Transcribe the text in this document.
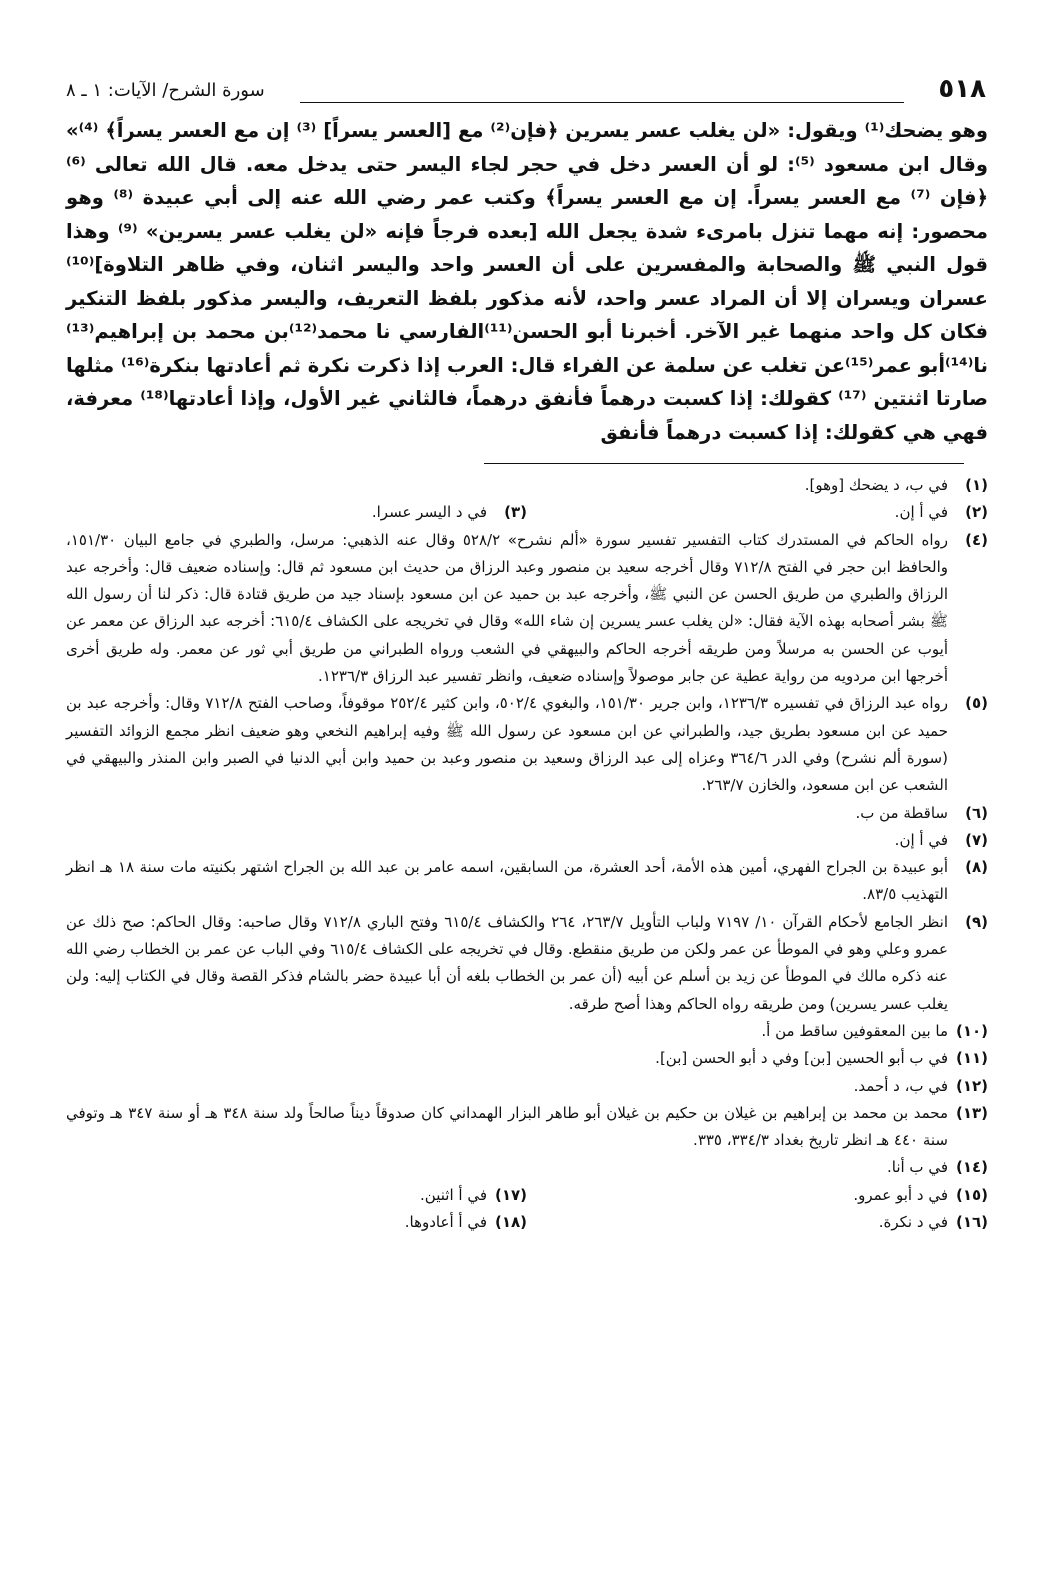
٥١٨
سورة الشرح/ الآيات: ١ ـ ٨

وهو يضحك⁽¹⁾ ويقول: «لن يغلب عسر يسرين ﴿فإن⁽²⁾ مع [العسر يسراً] ⁽³⁾ إن مع العسر يسراً﴾ ⁽⁴⁾» وقال ابن مسعود ⁽⁵⁾: لو أن العسر دخل في حجر لجاء اليسر حتى يدخل معه. قال الله تعالى ⁽⁶⁾ ﴿فإن ⁽⁷⁾ مع العسر يسراً. إن مع العسر يسراً﴾ وكتب عمر رضي الله عنه إلى أبي عبيدة ⁽⁸⁾ وهو محصور: إنه مهما تنزل بامرىء شدة يجعل الله [بعده فرجاً فإنه «لن يغلب عسر يسرين» ⁽⁹⁾ وهذا قول النبي ﷺ والصحابة والمفسرين على أن العسر واحد واليسر اثنان، وفي ظاهر التلاوة]⁽¹⁰⁾ عسران ويسران إلا أن المراد عسر واحد، لأنه مذكور بلفظ التعريف، واليسر مذكور بلفظ التنكير فكان كل واحد منهما غير الآخر. أخبرنا أبو الحسن⁽¹¹⁾الفارسي نا محمد⁽¹²⁾بن محمد بن إبراهيم⁽¹³⁾نا⁽¹⁴⁾أبو عمر⁽¹⁵⁾عن تغلب عن سلمة عن الفراء قال: العرب إذا ذكرت نكرة ثم أعادتها بنكرة⁽¹⁶⁾ مثلها صارتا اثنتين ⁽¹⁷⁾ كقولك: إذا كسبت درهماً فأنفق درهماً، فالثاني غير الأول، وإذا أعادتها⁽¹⁸⁾ معرفة، فهي هي كقولك: إذا كسبت درهماً فأنفق

(١)
في ب، د يضحك [وهو].
(٢)
في أ إن.
(٣)
في د اليسر عسرا.
(٤)
رواه الحاكم في المستدرك كتاب التفسير تفسير سورة «ألم نشرح» ٥٢٨/٢ وقال عنه الذهبي: مرسل، والطبري في جامع البيان ١٥١/٣٠، والحافظ ابن حجر في الفتح ٧١٢/٨ وقال أخرجه سعيد بن منصور وعبد الرزاق من حديث ابن مسعود ثم قال: وإسناده ضعيف قال: وأخرجه عبد الرزاق والطبري من طريق الحسن عن النبي ﷺ، وأخرجه عبد بن حميد عن ابن مسعود بإسناد جيد من طريق قتادة قال: ذكر لنا أن رسول الله ﷺ بشر أصحابه بهذه الآية فقال: «لن يغلب عسر يسرين إن شاء الله» وقال في تخريجه على الكشاف ٦١٥/٤: أخرجه عبد الرزاق عن معمر عن أيوب عن الحسن به مرسلاً ومن طريقه أخرجه الحاكم والبيهقي في الشعب ورواه الطبراني من طريق أبي ثور عن معمر. وله طريق أخرى أخرجها ابن مردويه من رواية عطية عن جابر موصولاً وإسناده ضعيف، وانظر تفسير عبد الرزاق ١٢٣٦/٣.
(٥)
رواه عبد الرزاق في تفسيره ١٢٣٦/٣، وابن جرير ١٥١/٣٠، والبغوي ٥٠٢/٤، وابن كثير ٢٥٢/٤ موقوفاً، وصاحب الفتح ٧١٢/٨ وقال: وأخرجه عبد بن حميد عن ابن مسعود بطريق جيد، والطبراني عن ابن مسعود عن رسول الله ﷺ وفيه إبراهيم النخعي وهو ضعيف انظر مجمع الزوائد التفسير (سورة ألم نشرح) وفي الدر ٣٦٤/٦ وعزاه إلى عبد الرزاق وسعيد بن منصور وعبد بن حميد وابن أبي الدنيا في الصبر وابن المنذر والبيهقي في الشعب عن ابن مسعود، والخازن ٢٦٣/٧.
(٦)
ساقطة من ب.
(٧)
في أ إن.
(٨)
أبو عبيدة بن الجراح الفهري، أمين هذه الأمة، أحد العشرة، من السابقين، اسمه عامر بن عبد الله بن الجراح اشتهر بكنيته مات سنة ١٨ هـ انظر التهذيب ٨٣/٥.
(٩)
انظر الجامع لأحكام القرآن ١٠/ ٧١٩٧ ولباب التأويل ٢٦٣/٧، ٢٦٤ والكشاف ٦١٥/٤ وفتح الباري ٧١٢/٨ وقال صاحبه: وقال الحاكم: صح ذلك عن عمرو وعلي وهو في الموطأ عن عمر ولكن من طريق منقطع. وقال في تخريجه على الكشاف ٦١٥/٤ وفي الباب عن عمر بن الخطاب رضي الله عنه ذكره مالك في الموطأ عن زيد بن أسلم عن أبيه (أن عمر بن الخطاب بلغه أن أبا عبيدة حضر بالشام فذكر القصة وقال في الكتاب إليه: ولن يغلب عسر يسرين) ومن طريقه رواه الحاكم وهذا أصح طرقه.
(١٠)
ما بين المعقوفين ساقط من أ.
(١١)
في ب أبو الحسين [بن] وفي د أبو الحسن [بن].
(١٢)
في ب، د أحمد.
(١٣)
محمد بن محمد بن إبراهيم بن غيلان بن حكيم بن غيلان أبو طاهر البزار الهمداني كان صدوقاً ديناً صالحاً ولد سنة ٣٤٨ هـ أو سنة ٣٤٧ هـ وتوفي سنة ٤٤٠ هـ انظر تاريخ بغداد ٣٣٤/٣، ٣٣٥.
(١٤)
في ب أنا.
(١٥)
في د أبو عمرو.
(١٧)
في أ اثنين.
(١٦)
في د نكرة.
(١٨)
في أ أعادوها.
